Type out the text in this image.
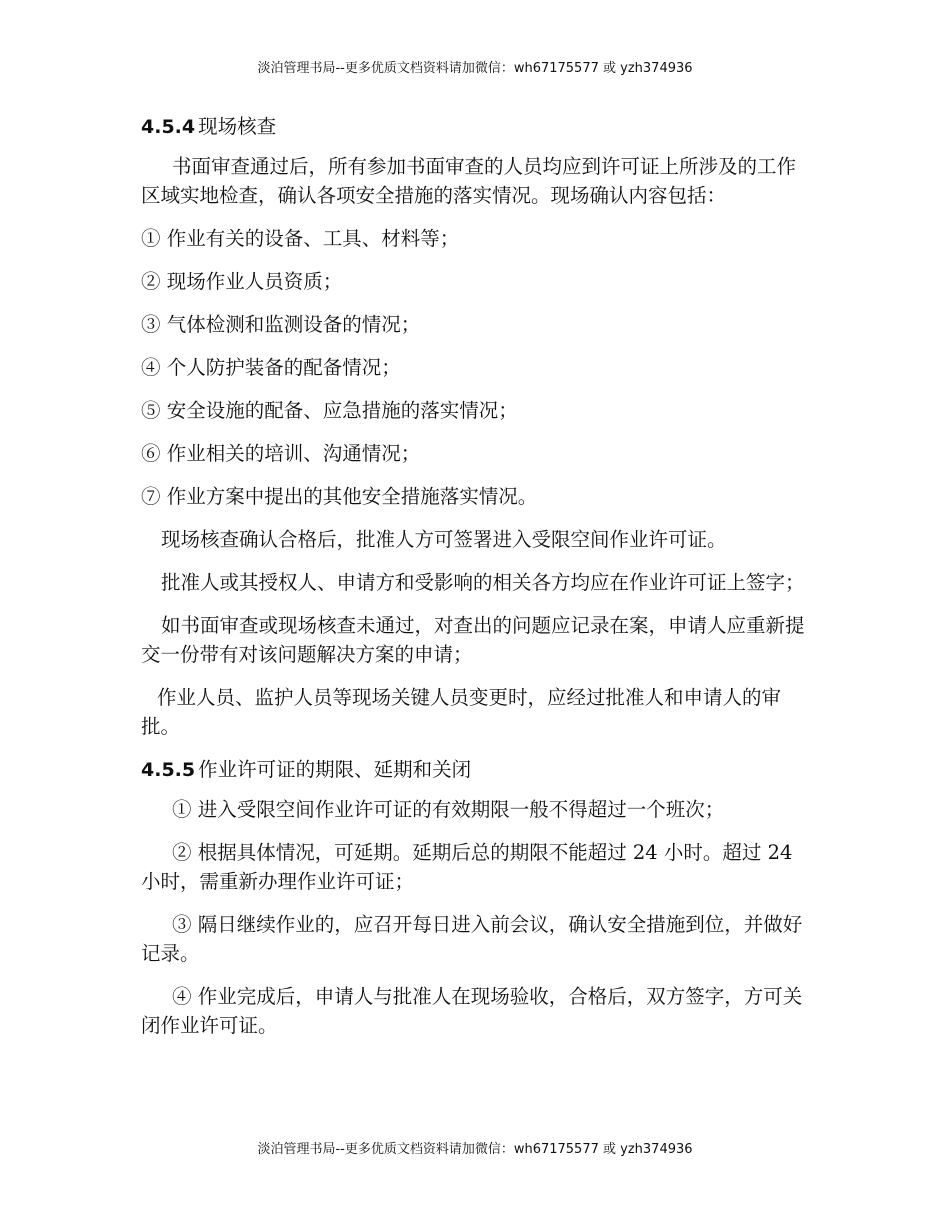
淡泊管理书局--更多优质文档资料请加微信：wh67175577 或 yzh374936
4.5.4 现场核查

书面审查通过后，所有参加书面审查的人员均应到许可证上所涉及的工作区域实地检查，确认各项安全措施的落实情况。现场确认内容包括：

① 作业有关的设备、工具、材料等；

② 现场作业人员资质；

③ 气体检测和监测设备的情况；

④ 个人防护装备的配备情况；

⑤ 安全设施的配备、应急措施的落实情况；

⑥ 作业相关的培训、沟通情况；

⑦ 作业方案中提出的其他安全措施落实情况。

现场核查确认合格后，批准人方可签署进入受限空间作业许可证。

批准人或其授权人、申请方和受影响的相关各方均应在作业许可证上签字；

如书面审查或现场核查未通过，对查出的问题应记录在案，申请人应重新提交一份带有对该问题解决方案的申请；

作业人员、监护人员等现场关键人员变更时，应经过批准人和申请人的审批。

4.5.5 作业许可证的期限、延期和关闭

① 进入受限空间作业许可证的有效期限一般不得超过一个班次；

② 根据具体情况，可延期。延期后总的期限不能超过 24 小时。超过 24 小时，需重新办理作业许可证；

③ 隔日继续作业的，应召开每日进入前会议，确认安全措施到位，并做好记录。

④ 作业完成后，申请人与批准人在现场验收，合格后，双方签字，方可关闭作业许可证。

淡泊管理书局--更多优质文档资料请加微信：wh67175577 或 yzh374936
